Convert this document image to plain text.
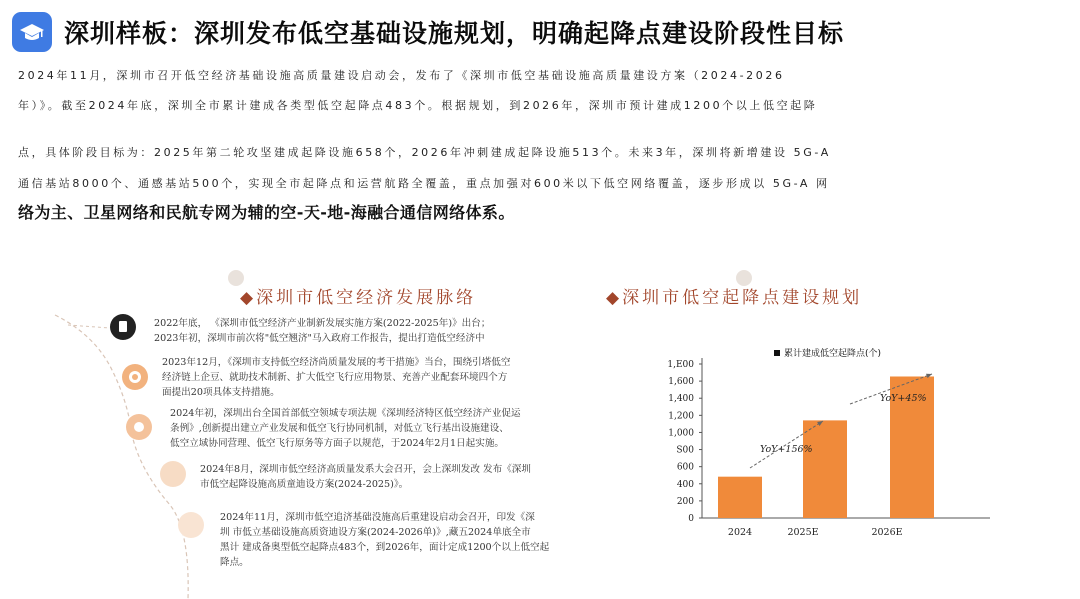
深圳样板：深圳发布低空基础设施规划，明确起降点建设阶段性目标
2024年11月，深圳市召开低空经济基础设施高质量建设启动会，发布了《深圳市低空基础设施高质量建设方案（2024-2026
年）》。截至2024年底，深圳全市累计建成各类型低空起降点483个。根据规划，到2026年，深圳市预计建成1200个以上低空起降
点，具体阶段目标为：2025年第二轮攻坚建成起降设施658个，2026年冲刺建成起降设施513个。未来3年，深圳将新增建设 5G-A
通信基站8000个、通感基站500个，实现全市起降点和运营航路全覆盖，重点加强对600米以下低空网络覆盖，逐步形成以 5G-A 网
络为主、卫星网络和民航专网为辅的空-天-地-海融合通信网络体系。
◆深圳市低空经济发展脉络	◆深圳市低空起降点建设规划
2022年底， 《深圳市低空经济产业制新发展实施方案(2022-2025年)》出台；
2023年初，深圳市前次将"低空翘济"马入政府工作报告，提出打造低空经济中
2023年12月，《深圳市支持低空经济尚质量发展的考干措施》当台，围绕引塔低空
经济链上企豆、就助技术制新、扩大低空飞行应用物景、充善产业配套环境四个方
面提出20项具体支持措施。
2024年初，深圳出台全国首部低空领城专项法规《深圳经济特区低空经济产业促运
条例》,创新提出建立产业发展和低空飞行协同机制，对低立飞行基出设施建设、
低空立域协同营理、低空飞行原务等方面子以规范，于2024年2月1日起实施。
2024年8月，深圳市低空经济高质量发系大会召开，会上深圳发改 发布《深圳
市低空起降设施高质童迪设方案(2024-2025)》。
2024年11月，深圳市低空追济基础没施高后重建设启动会召开，印发《深
圳 市低立基础设施高质资迪设方案(2024-2026单)》,藏五2024单底全市
黑计 建成备奥型低空起降点483个，到2026年，面计定成1200个以上低空起
降点。
累计建成低空起降点(个)
1,E00
1,600
1,400
1,200
1,000
S00
600
400
200
0
2024	2025E	2026E
YoY+156%
YoY+45%
